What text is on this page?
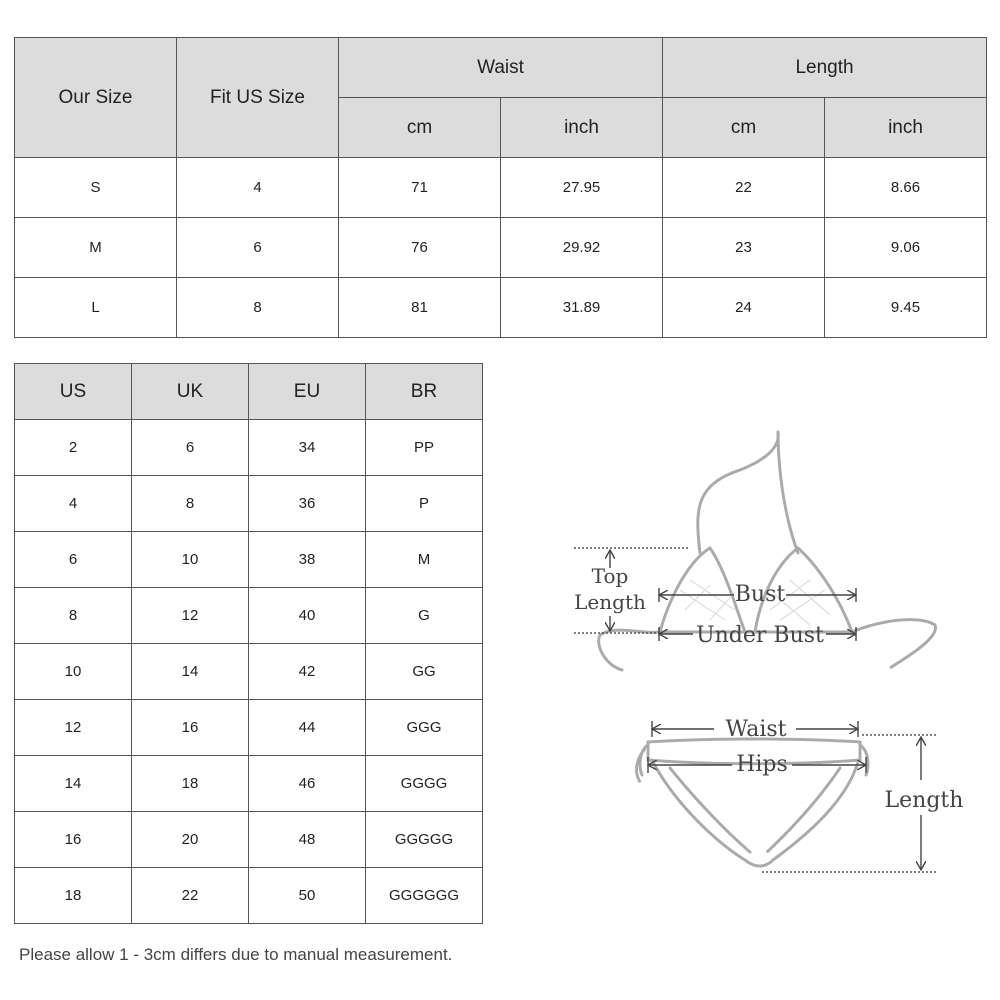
Our Size	Fit US Size	Waist		Length	
		cm	inch	cm	inch
S	4	71	27.95	22	8.66
M	6	76	29.92	23	9.06
L	8	81	31.89	24	9.45
US	UK	EU	BR
2	6	34	PP
4	8	36	P
6	10	38	M
8	12	40	G
10	14	42	GG
12	16	44	GGG
14	18	46	GGGG
16	20	48	GGGGG
18	22	50	GGGGGG
Top
Length	Bust
Under Bust
Waist
Hips
Length

Please allow 1 - 3cm differs due to manual measurement.
